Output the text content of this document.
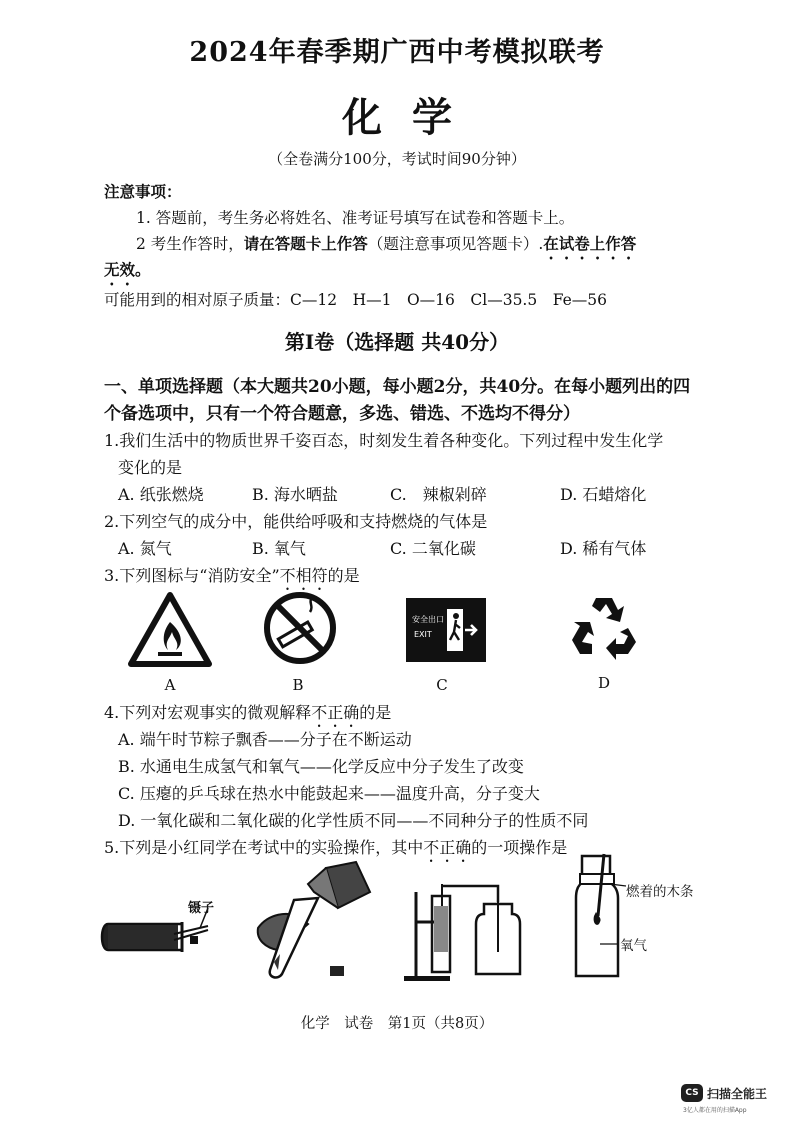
2024年春季期广西中考模拟联考
化学
（全卷满分100分，考试时间90分钟）
注意事项：
1. 答题前，考生务必将姓名、准考证号填写在试卷和答题卡上。
2 考生作答时，请在答题卡上作答（题注意事项见答题卡）.在试卷上作答
无效。
可能用到的相对原子质量：C—12　H—1　O—16　Cl—35.5　Fe—56
第Ⅰ卷（选择题 共40分）
一、单项选择题（本大题共20小题，每小题2分，共40分。在每小题列出的四
个备选项中，只有一个符合题意，多选、错选、不选均不得分）
1.我们生活中的物质世界千姿百态，时刻发生着各种变化。下列过程中发生化学
变化的是
A. 纸张燃烧	B. 海水晒盐	C.　辣椒剁碎	D. 石蜡熔化
2.下列空气的成分中，能供给呼吸和支持燃烧的气体是
A. 氮气	B. 氧气	C. 二氧化碳	D. 稀有气体
3.下列图标与“消防安全”不相符的是
A	B
安全出口
EXIT
C	D
4.下列对宏观事实的微观解释不正确的是
A. 端午时节粽子飘香——分子在不断运动
B. 水通电生成氢气和氧气——化学反应中分子发生了改变
C. 压瘪的乒乓球在热水中能鼓起来——温度升高，分子变大
D. 一氧化碳和二氧化碳的化学性质不同——不同种分子的性质不同
5.下列是小红同学在考试中的实验操作，其中不正确的一项操作是
镊子
燃着的木条
氧气
化学　试卷　第1页（共8页）
CS 扫描全能王
3亿人都在用的扫描App
